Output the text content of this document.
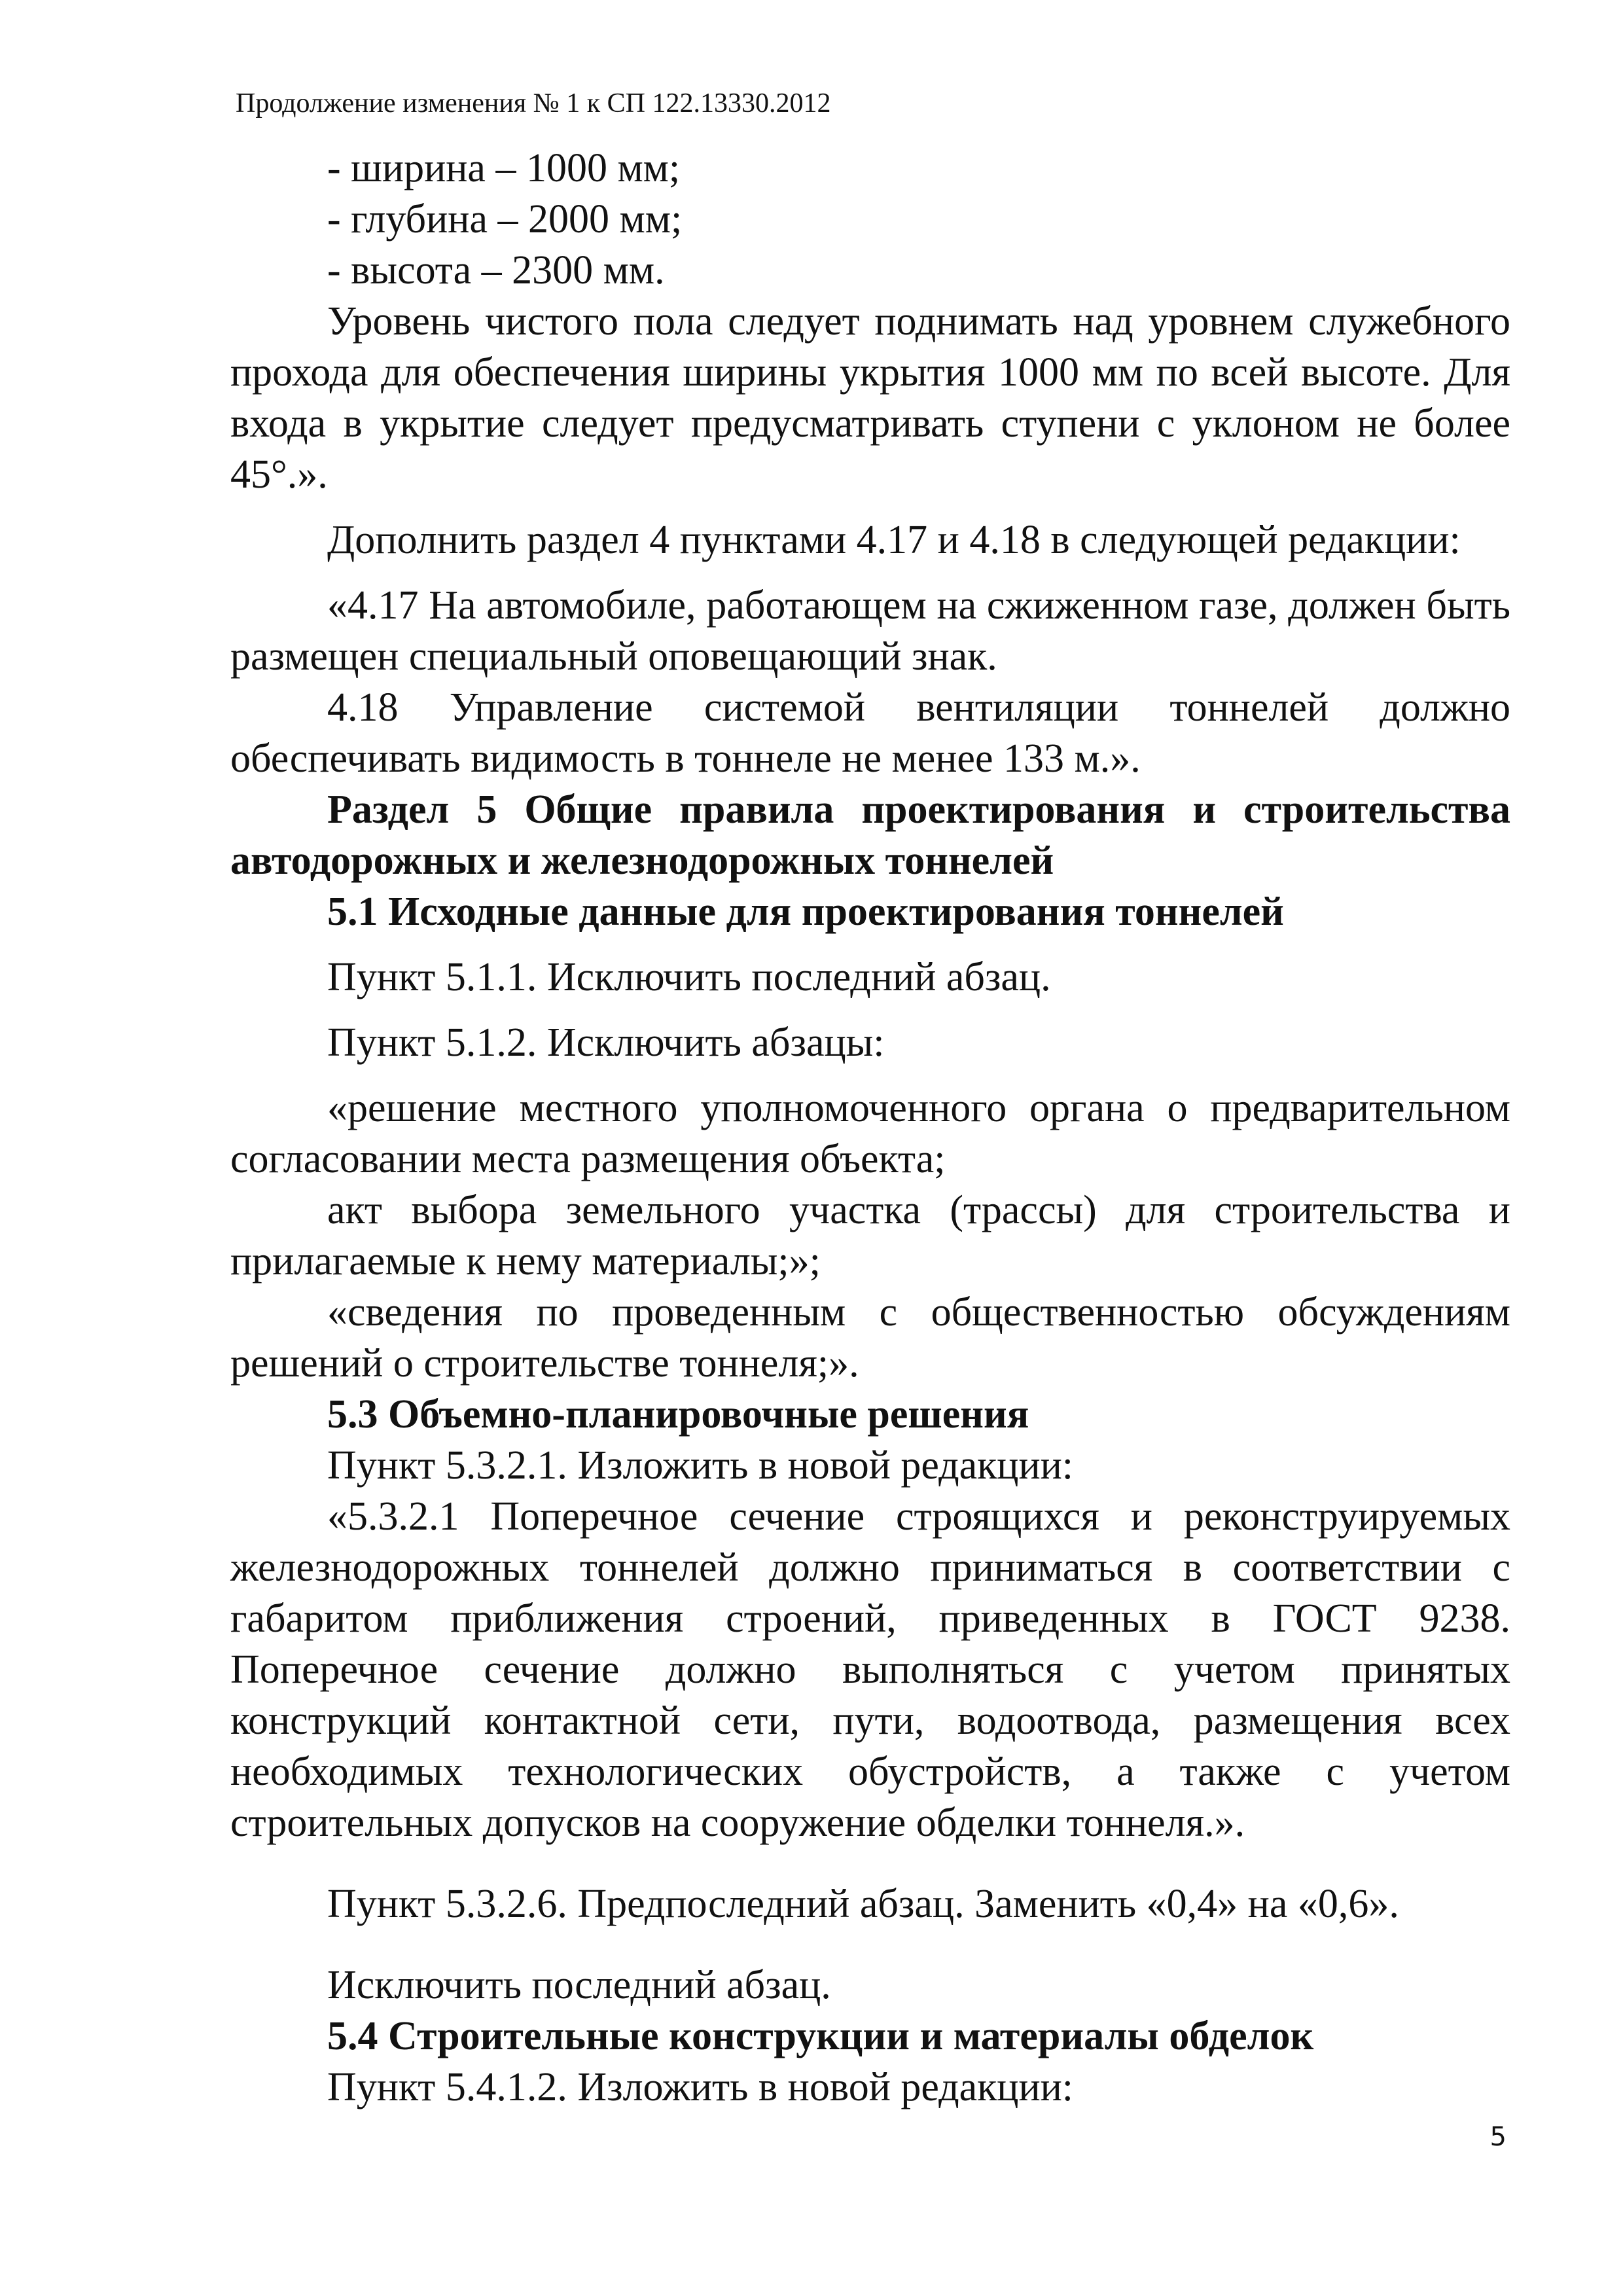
Продолжение изменения № 1 к СП 122.13330.2012

- ширина – 1000 мм;

- глубина – 2000 мм;

- высота – 2300 мм.

Уровень чистого пола следует поднимать над уровнем служебного прохода для обеспечения ширины укрытия 1000 мм по всей высоте. Для входа в укрытие следует предусматривать ступени с уклоном не более 45°.».

Дополнить раздел 4 пунктами 4.17 и 4.18 в следующей редакции:

«4.17 На автомобиле, работающем на сжиженном газе, должен быть размещен специальный оповещающий знак.

4.18 Управление системой вентиляции тоннелей должно обеспечивать видимость в тоннеле не менее 133 м.».

Раздел 5 Общие правила проектирования и строительства автодорожных и железнодорожных тоннелей

5.1 Исходные данные для проектирования тоннелей

Пункт 5.1.1. Исключить последний абзац.

Пункт 5.1.2. Исключить абзацы:

«решение местного уполномоченного органа о предварительном согласовании места размещения объекта;

акт выбора земельного участка (трассы) для строительства и прилагаемые к нему материалы;»;

«сведения по проведенным с общественностью обсуждениям решений о строительстве тоннеля;».

5.3 Объемно-планировочные решения

Пункт 5.3.2.1. Изложить в новой редакции:

«5.3.2.1 Поперечное сечение строящихся и реконструируемых железнодорожных тоннелей должно приниматься в соответствии с габаритом приближения строений, приведенных в ГОСТ 9238. Поперечное сечение должно выполняться с учетом принятых конструкций контактной сети, пути, водоотвода, размещения всех необходимых технологических обустройств, а также с учетом строительных допусков на сооружение обделки тоннеля.».

Пункт 5.3.2.6. Предпоследний абзац. Заменить «0,4» на «0,6».

Исключить последний абзац.

5.4 Строительные конструкции и материалы обделок

Пункт 5.4.1.2. Изложить в новой редакции:

5
